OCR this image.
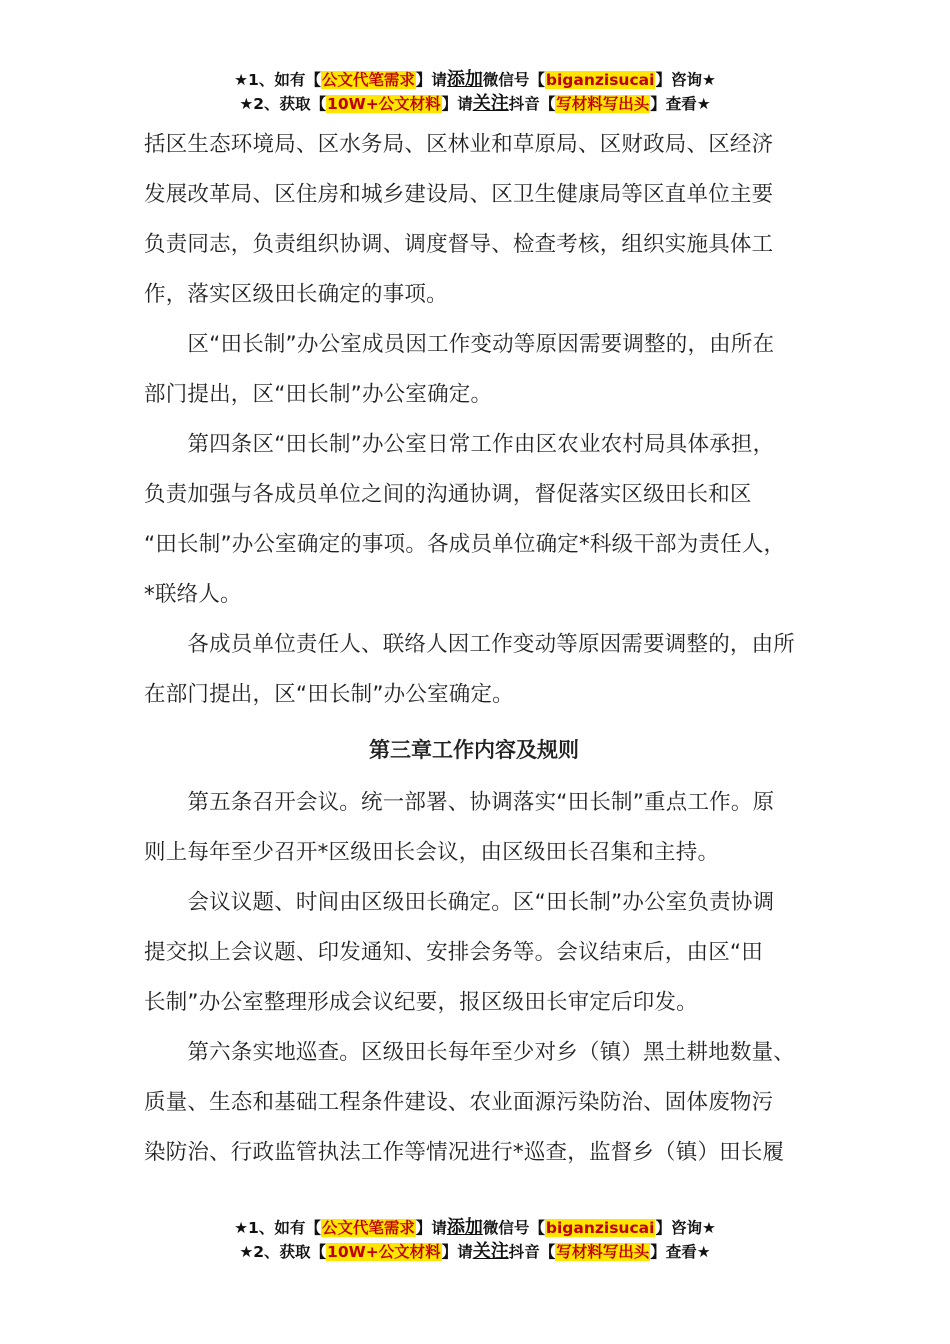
★1、如有【公文代笔需求】请添加微信号【biganzisucai】咨询★
★2、获取【10W+公文材料】请关注抖音【写材料写出头】查看★
括区生态环境局、区水务局、区林业和草原局、区财政局、区经济
发展改革局、区住房和城乡建设局、区卫生健康局等区直单位主要
负责同志，负责组织协调、调度督导、检查考核，组织实施具体工
作，落实区级田长确定的事项。
　　区“田长制”办公室成员因工作变动等原因需要调整的，由所在
部门提出，区“田长制”办公室确定。
　　第四条区“田长制”办公室日常工作由区农业农村局具体承担，
负责加强与各成员单位之间的沟通协调，督促落实区级田长和区
“田长制”办公室确定的事项。各成员单位确定*科级干部为责任人，
*联络人。
　　各成员单位责任人、联络人因工作变动等原因需要调整的，由所
在部门提出，区“田长制”办公室确定。
第三章工作内容及规则
　　第五条召开会议。统一部署、协调落实“田长制”重点工作。原
则上每年至少召开*区级田长会议，由区级田长召集和主持。
　　会议议题、时间由区级田长确定。区“田长制”办公室负责协调
提交拟上会议题、印发通知、安排会务等。会议结束后，由区“田
长制”办公室整理形成会议纪要，报区级田长审定后印发。
　　第六条实地巡查。区级田长每年至少对乡（镇）黑土耕地数量、
质量、生态和基础工程条件建设、农业面源污染防治、固体废物污
染防治、行政监管执法工作等情况进行*巡查，监督乡（镇）田长履
★1、如有【公文代笔需求】请添加微信号【biganzisucai】咨询★
★2、获取【10W+公文材料】请关注抖音【写材料写出头】查看★
